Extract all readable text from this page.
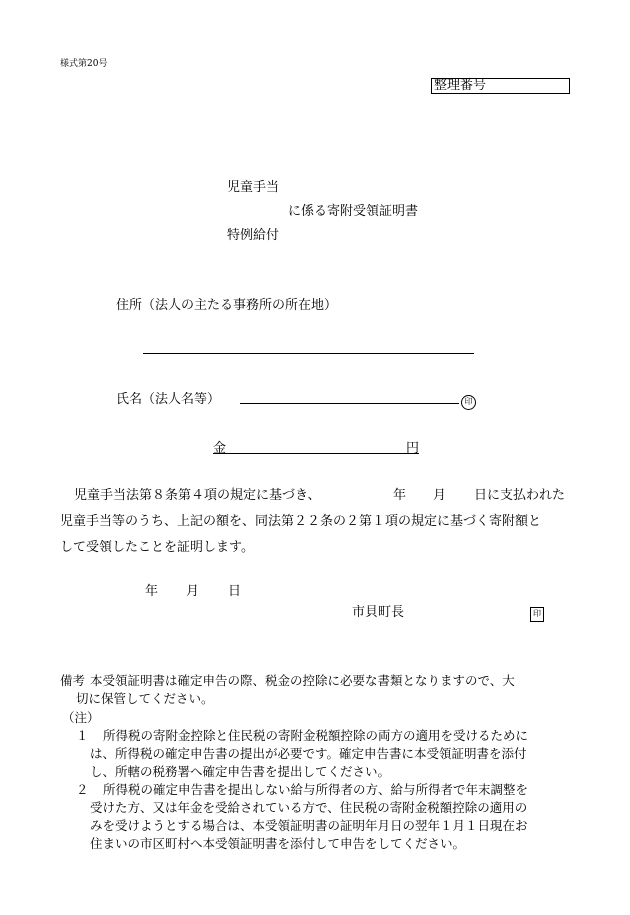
様式第20号
整理番号
児童手当
に係る寄附受領証明書
特例給付
住所（法人の主たる事務所の所在地）
氏名（法人名等）	印
金	円
児童手当法第８条第４項の規定に基づき、	年 月 日に支払われた
児童手当等のうち、上記の額を、同法第２２条の２第１項の規定に基づく寄附額と
して受領したことを証明します。
年 月 日
市貝町長	印
備考 本受領証明書は確定申告の際、税金の控除に必要な書類となりますので、大
切に保管してください。
（注）
１ 所得税の寄附金控除と住民税の寄附金税額控除の両方の適用を受けるために
は、所得税の確定申告書の提出が必要です。確定申告書に本受領証明書を添付
し、所轄の税務署へ確定申告書を提出してください。
２ 所得税の確定申告書を提出しない給与所得者の方、給与所得者で年末調整を
受けた方、又は年金を受給されている方で、住民税の寄附金税額控除の適用の
みを受けようとする場合は、本受領証明書の証明年月日の翌年１月１日現在お
住まいの市区町村へ本受領証明書を添付して申告をしてください。
